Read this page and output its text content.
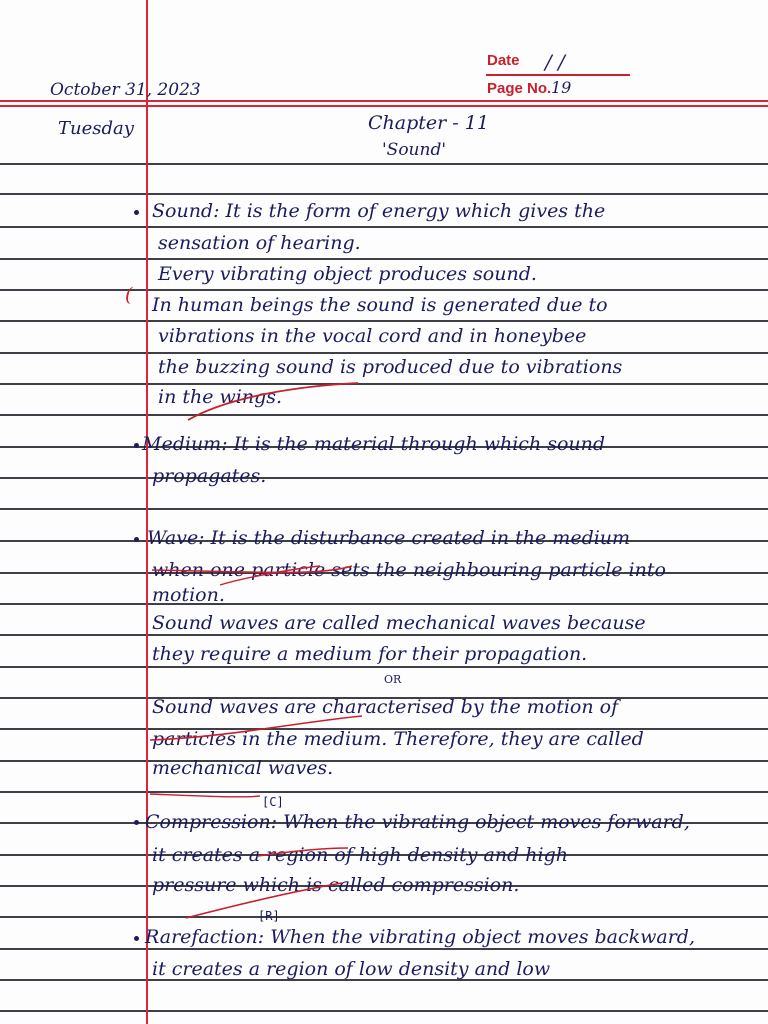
Date / /
Page No. 19
October 31, 2023
Tuesday	Chapter - 11
'Sound'
Sound: It is the form of energy which gives the
sensation of hearing.
Every vibrating object produces sound.
( In human beings the sound is generated due to
vibrations in the vocal cord and in honeybee
the buzzing sound is produced due to vibrations
in the wings.
Medium: It is the material through which sound
propagates.
Wave: It is the disturbance created in the medium
when one particle sets the neighbouring particle into
motion.
Sound waves are called mechanical waves because
they require a medium for their propagation.
OR
Sound waves are characterised by the motion of
particles in the medium. Therefore, they are called
mechanical waves.
[C]
Compression: When the vibrating object moves forward,
it creates a region of high density and high
pressure which is called compression.
[R]
Rarefaction: When the vibrating object moves backward,
it creates a region of low density and low
